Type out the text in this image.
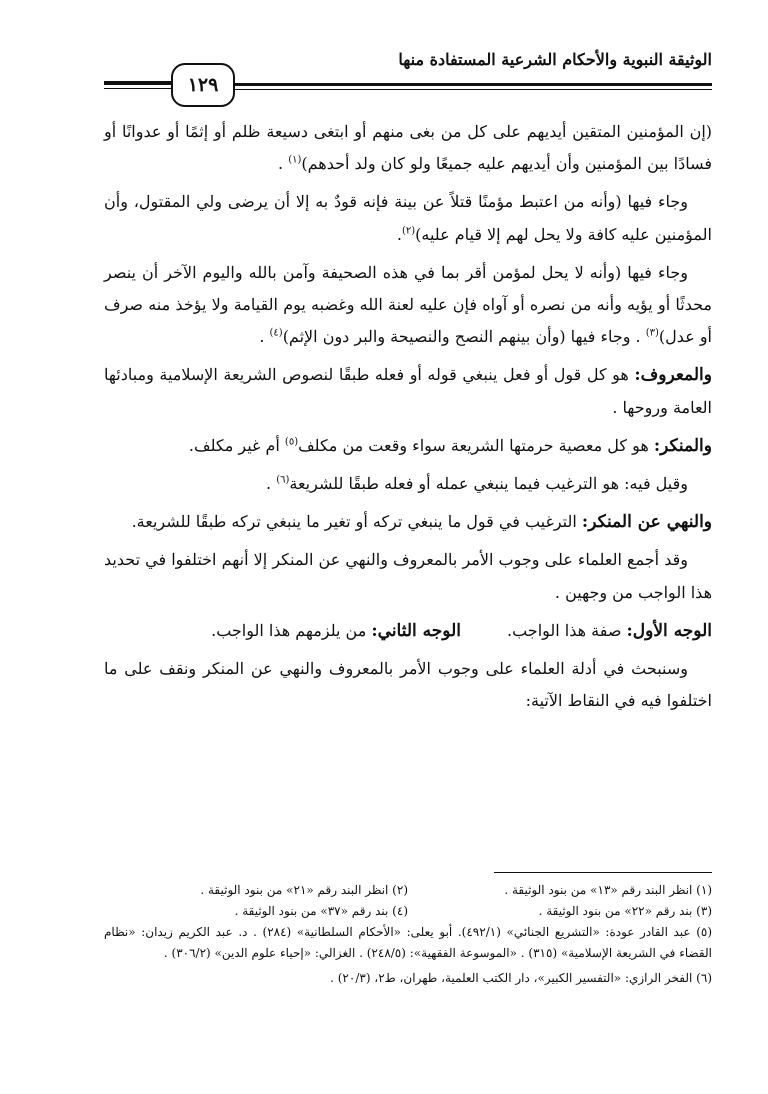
الوثيقة النبوية والأحكام الشرعية المستفادة منها
١٢٩

(إن المؤمنين المتقين أيديهم على كل من بغى منهم أو ابتغى دسيعة ظلم أو إثمًا أو عدوانًا أو فسادًا بين المؤمنين وأن أيديهم عليه جميعًا ولو كان ولد أحدهم)$^{(١)}$ .

وجاء فيها (وأنه من اعتبط مؤمنًا قتلاً عن بينة فإنه قودٌ به إلا أن يرضى ولي المقتول، وأن المؤمنين عليه كافة ولا يحل لهم إلا قيام عليه)$^{(٢)}$.

وجاء فيها (وأنه لا يحل لمؤمن أقر بما في هذه الصحيفة وآمن بالله واليوم الآخر أن ينصر محدثًا أو يؤيه وأنه من نصره أو آواه فإن عليه لعنة الله وغضبه يوم القيامة ولا يؤخذ منه صرف أو عدل)$^{(٣)}$ . وجاء فيها (وأن بينهم النصح والنصيحة والبر دون الإثم)$^{(٤)}$ .

والمعروف: هو كل قول أو فعل ينبغي قوله أو فعله طبقًا لنصوص الشريعة الإسلامية ومبادئها العامة وروحها .

والمنكر: هو كل معصية حرمتها الشريعة سواء وقعت من مكلف$^{(٥)}$ أم غير مكلف.

وقيل فيه: هو الترغيب فيما ينبغي عمله أو فعله طبقًا للشريعة$^{(٦)}$ .

والنهي عن المنكر: الترغيب في قول ما ينبغي تركه أو تغير ما ينبغي تركه طبقًا للشريعة.

وقد أجمع العلماء على وجوب الأمر بالمعروف والنهي عن المنكر إلا أنهم اختلفوا في تحديد هذا الواجب من وجهين .

الوجه الأول: صفة هذا الواجب.
الوجه الثاني: من يلزمهم هذا الواجب.

وسنبحث في أدلة العلماء على وجوب الأمر بالمعروف والنهي عن المنكر ونقف على ما اختلفوا فيه في النقاط الآتية:

(١) انظر البند رقم «١٣» من بنود الوثيقة .
(٢) انظر البند رقم «٢١» من بنود الوثيقة .
(٣) بند رقم «٢٢» من بنود الوثيقة .
(٤) بند رقم «٣٧» من بنود الوثيقة .
(٥) عبد القادر عودة: «التشريع الجنائي» (٤٩٢/١). أبو يعلى: «الأحكام السلطانية» (٢٨٤) . د. عبد الكريم زيدان: «نظام القضاء في الشريعة الإسلامية» (٣١٥) . «الموسوعة الفقهية»: (٢٤٨/٥) . الغزالي: «إحياء علوم الدين» (٣٠٦/٢) .
(٦) الفخر الرازي: «التفسير الكبير»، دار الكتب العلمية، طهران، ط٢، (٢٠/٣) .
